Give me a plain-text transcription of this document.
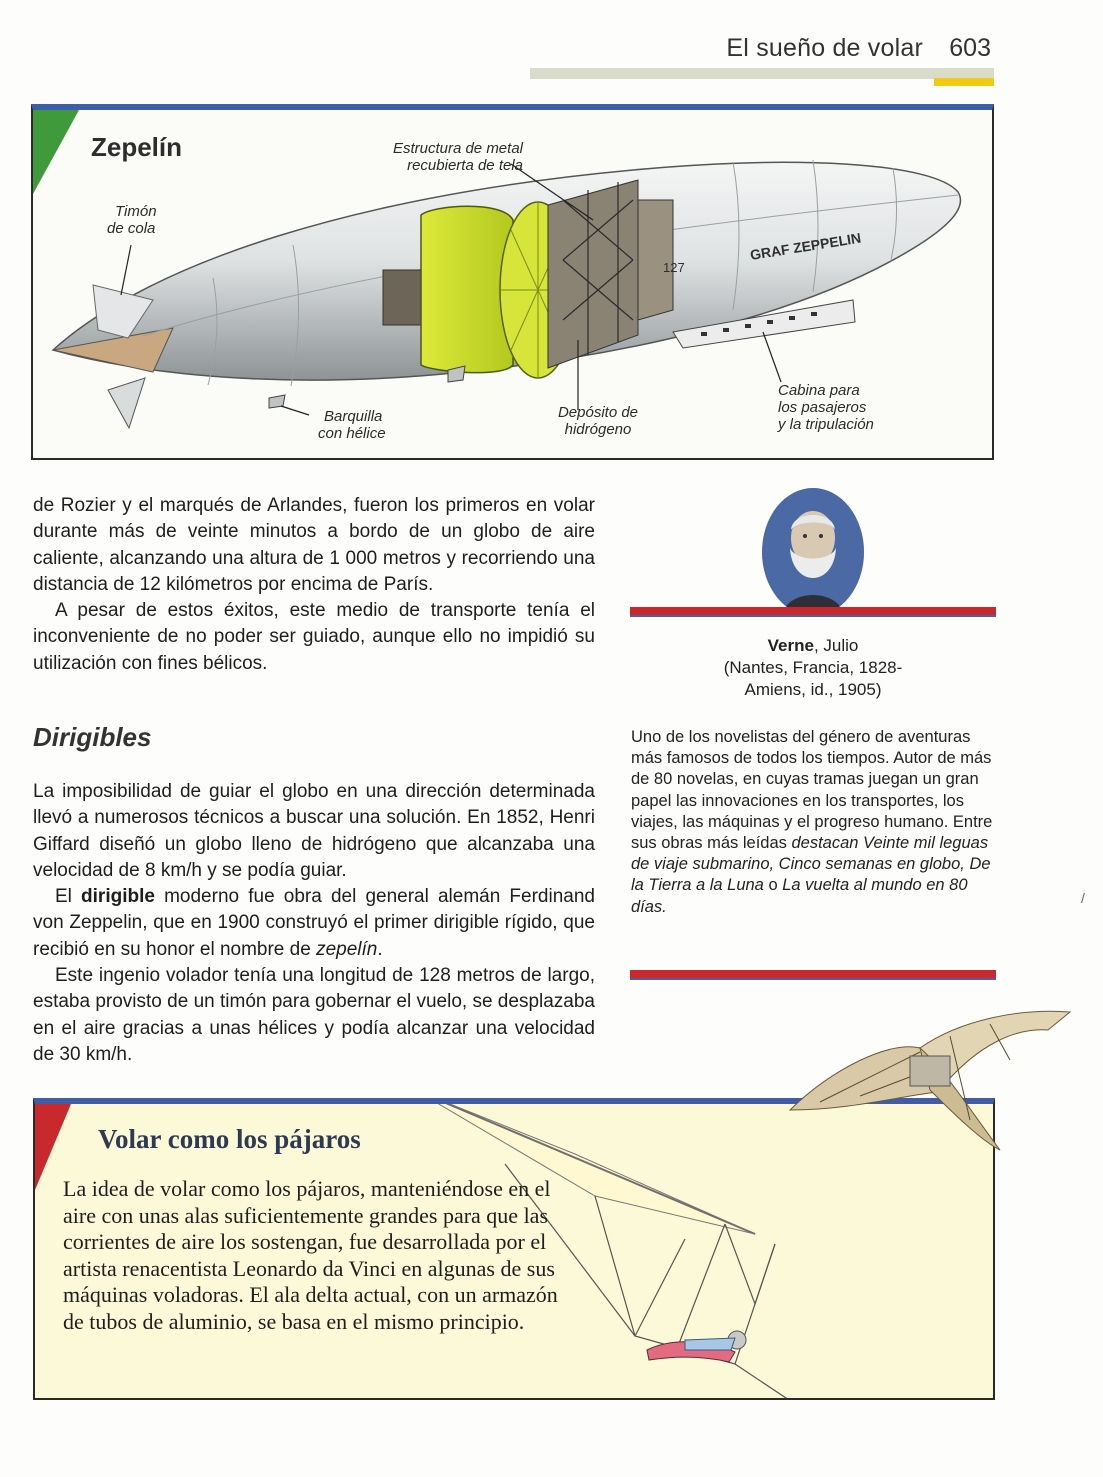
El sueño de volar 603
GRAF ZEPPELIN
127
Zepelín	Estructura de metal
recubierta de tela
Timón
de cola
Barquilla
con hélice
Depósito de
hidrógeno
Cabina para
los pasajeros
y la tripulación

de Rozier y el marqués de Arlandes, fueron los primeros en volar durante más de veinte minutos a bordo de un globo de aire caliente, alcanzando una altura de 1 000 metros y recorriendo una distancia de 12 kilómetros por encima de París.

A pesar de estos éxitos, este medio de transporte tenía el inconveniente de no poder ser guiado, aunque ello no impidió su utilización con fines bélicos.

Dirigibles

La imposibilidad de guiar el globo en una dirección determinada llevó a numerosos técnicos a buscar una solución. En 1852, Henri Giffard diseñó un globo lleno de hidrógeno que alcanzaba una velocidad de 8 km/h y se podía guiar.

El dirigible moderno fue obra del general alemán Ferdinand von Zeppelin, que en 1900 construyó el primer dirigible rígido, que recibió en su honor el nombre de zepelín.

Este ingenio volador tenía una longitud de 128 metros de largo, estaba provisto de un timón para gobernar el vuelo, se desplazaba en el aire gracias a unas hélices y podía alcanzar una velocidad de 30 km/h.

Verne, Julio
(Nantes, Francia, 1828-
Amiens, id., 1905)
Uno de los novelistas del género de aventuras más famosos de todos los tiempos. Autor de más de 80 novelas, en cuyas tramas juegan un gran papel las innovaciones en los transportes, los viajes, las máquinas y el progreso humano. Entre sus obras más leídas destacan Veinte mil leguas de viaje submarino, Cinco semanas en globo, De la Tierra a la Luna o La vuelta al mundo en 80 días.	/
Volar como los pájaros
La idea de volar como los pájaros, manteniéndose en el aire con unas alas suficientemente grandes para que las corrientes de aire los sostengan, fue desarrollada por el artista renacentista Leonardo da Vinci en algunas de sus máquinas voladoras. El ala delta actual, con un armazón de tubos de aluminio, se basa en el mismo principio.
